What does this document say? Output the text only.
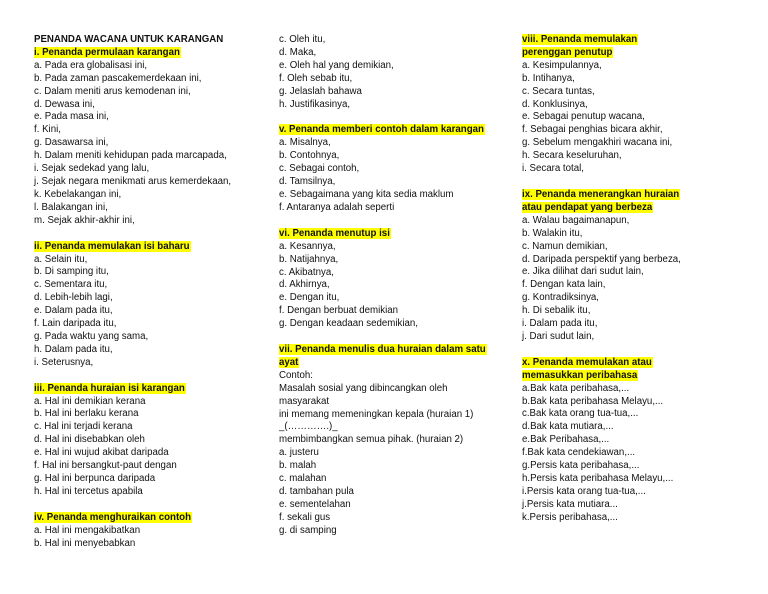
PENANDA WACANA UNTUK KARANGAN
i. Penanda permulaan karangan
a. Pada era globalisasi ini,
b. Pada zaman pascakemerdekaan ini,
c. Dalam meniti arus kemodenan ini,
d. Dewasa ini,
e. Pada masa ini,
f. Kini,
g. Dasawarsa ini,
h. Dalam meniti kehidupan pada marcapada,
i. Sejak sedekad yang lalu,
j. Sejak negara menikmati arus kemerdekaan,
k. Kebelakangan ini,
l. Balakangan ini,
m. Sejak akhir-akhir ini,
ii. Penanda memulakan isi baharu
a. Selain itu,
b. Di samping itu,
c. Sementara itu,
d. Lebih-lebih lagi,
e. Dalam pada itu,
f. Lain daripada itu,
g. Pada waktu yang sama,
h. Dalam pada itu,
i. Seterusnya,
iii. Penanda huraian isi karangan
a. Hal ini demikian kerana
b. Hal ini berlaku kerana
c. Hal ini terjadi kerana
d. Hal ini disebabkan oleh
e. Hal ini wujud akibat daripada
f. Hal ini bersangkut-paut dengan
g. Hal ini berpunca daripada
h. Hal ini tercetus apabila
iv. Penanda menghuraikan contoh
a. Hal ini mengakibatkan
b. Hal ini menyebabkan
c. Oleh itu,
d. Maka,
e. Oleh hal yang demikian,
f. Oleh sebab itu,
g. Jelaslah bahawa
h. Justifikasinya,
v. Penanda memberi contoh dalam karangan
a. Misalnya,
b. Contohnya,
c. Sebagai contoh,
d. Tamsilnya,
e. Sebagaimana yang kita sedia maklum
f. Antaranya adalah seperti
vi. Penanda menutup isi
a. Kesannya,
b. Natijahnya,
c. Akibatnya,
d. Akhirnya,
e. Dengan itu,
f. Dengan berbuat demikian
g. Dengan keadaan sedemikian,
vii. Penanda menulis dua huraian dalam satu
ayat
Contoh:
Masalah sosial yang dibincangkan oleh
masyarakat
ini memang memeningkan kepala (huraian 1)
_(………….)_
membimbangkan semua pihak. (huraian 2)
a. justeru
b. malah
c. malahan
d. tambahan pula
e. sementelahan
f. sekali gus
g. di samping
viii. Penanda memulakan
perenggan penutup
a. Kesimpulannya,
b. Intihanya,
c. Secara tuntas,
d. Konklusinya,
e. Sebagai penutup wacana,
f. Sebagai penghias bicara akhir,
g. Sebelum mengakhiri wacana ini,
h. Secara keseluruhan,
i. Secara total,
ix. Penanda menerangkan huraian
atau pendapat yang berbeza
a. Walau bagaimanapun,
b. Walakin itu,
c. Namun demikian,
d. Daripada perspektif yang berbeza,
e. Jika dilihat dari sudut lain,
f. Dengan kata lain,
g. Kontradiksinya,
h. Di sebalik itu,
i. Dalam pada itu,
j. Dari sudut lain,
x. Penanda memulakan atau
memasukkan peribahasa
a.Bak kata peribahasa,...
b.Bak kata peribahasa Melayu,...
c.Bak kata orang tua-tua,...
d.Bak kata mutiara,...
e.Bak Peribahasa,...
f.Bak kata cendekiawan,...
g.Persis kata peribahasa,...
h.Persis kata peribahasa Melayu,...
i.Persis kata orang tua-tua,...
j.Persis kata mutiara...
k.Persis peribahasa,...
